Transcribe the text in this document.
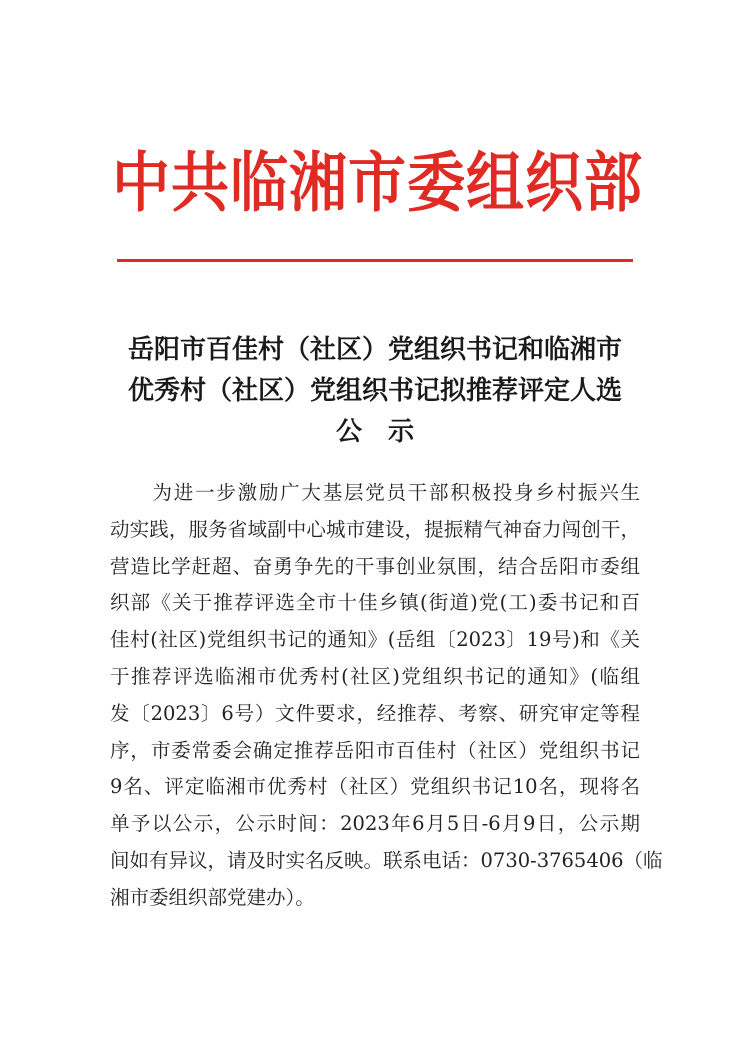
中共临湘市委组织部
岳阳市百佳村（社区）党组织书记和临湘市
优秀村（社区）党组织书记拟推荐评定人选
公示
　　为进一步激励广大基层党员干部积极投身乡村振兴生
动实践，服务省域副中心城市建设，提振精气神奋力闯创干，
营造比学赶超、奋勇争先的干事创业氛围，结合岳阳市委组
织部《关于推荐评选全市十佳乡镇(街道)党(工)委书记和百
佳村(社区)党组织书记的通知》(岳组〔2023〕19号)和《关
于推荐评选临湘市优秀村(社区)党组织书记的通知》(临组
发〔2023〕6号）文件要求，经推荐、考察、研究审定等程
序，市委常委会确定推荐岳阳市百佳村（社区）党组织书记
9名、评定临湘市优秀村（社区）党组织书记10名，现将名
单予以公示，公示时间：2023年6月5日-6月9日，公示期
间如有异议，请及时实名反映。联系电话：0730-3765406（临
湘市委组织部党建办）。
